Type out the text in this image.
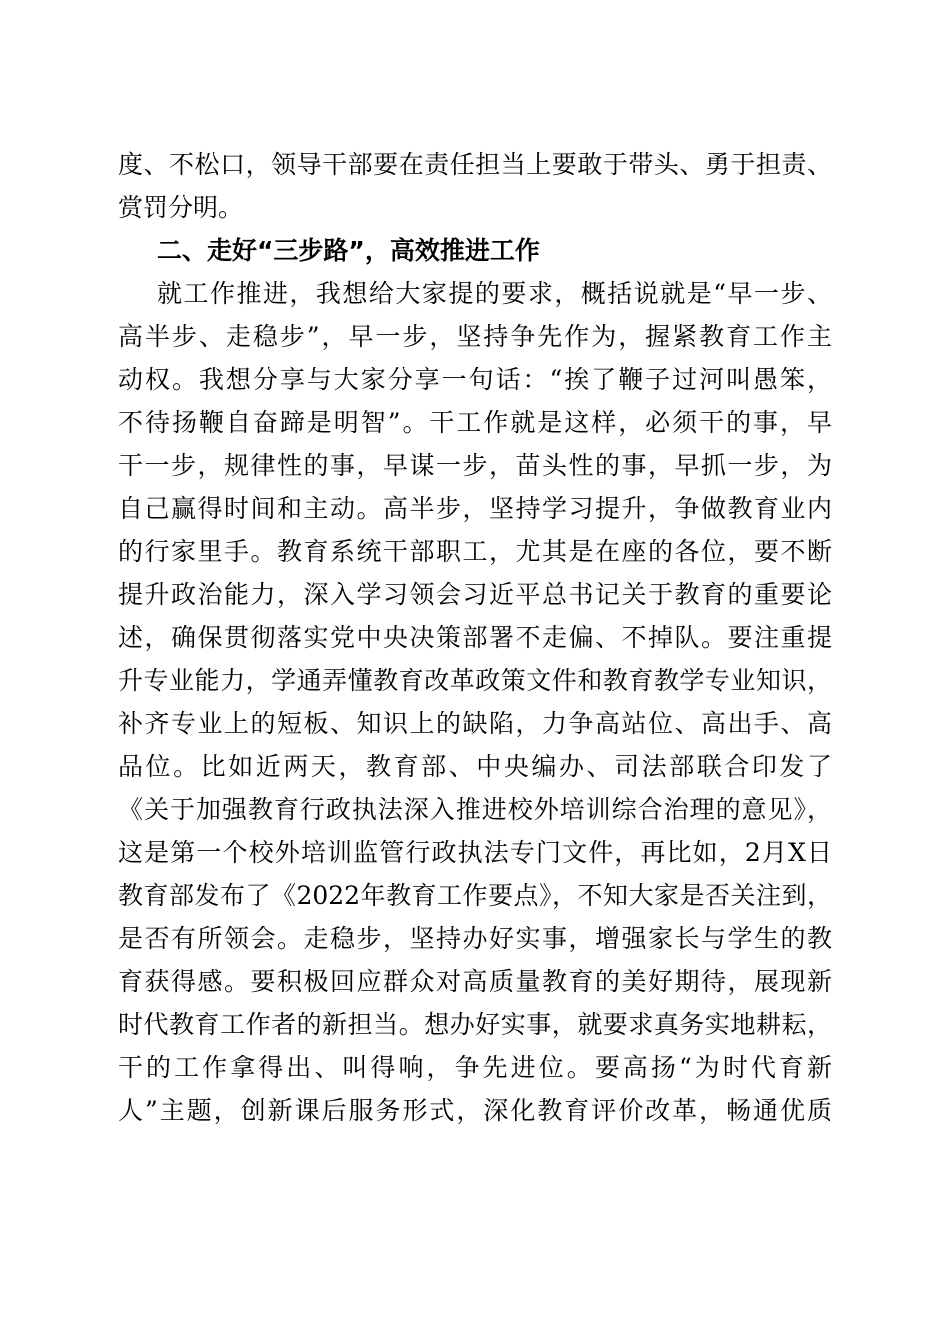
度、不松口，领导干部要在责任担当上要敢于带头、勇于担责、
赏罚分明。
二、走好“三步路”，高效推进工作
就工作推进，我想给大家提的要求，概括说就是“早一步、
高半步、走稳步”，早一步，坚持争先作为，握紧教育工作主
动权。我想分享与大家分享一句话：“挨了鞭子过河叫愚笨，
不待扬鞭自奋蹄是明智”。干工作就是这样，必须干的事，早
干一步，规律性的事，早谋一步，苗头性的事，早抓一步，为
自己赢得时间和主动。高半步，坚持学习提升，争做教育业内
的行家里手。教育系统干部职工，尤其是在座的各位，要不断
提升政治能力，深入学习领会习近平总书记关于教育的重要论
述，确保贯彻落实党中央决策部署不走偏、不掉队。要注重提
升专业能力，学通弄懂教育改革政策文件和教育教学专业知识，
补齐专业上的短板、知识上的缺陷，力争高站位、高出手、高
品位。比如近两天，教育部、中央编办、司法部联合印发了
《关于加强教育行政执法深入推进校外培训综合治理的意见》，
这是第一个校外培训监管行政执法专门文件，再比如，2月X日
教育部发布了《2022年教育工作要点》，不知大家是否关注到，
是否有所领会。走稳步，坚持办好实事，增强家长与学生的教
育获得感。要积极回应群众对高质量教育的美好期待，展现新
时代教育工作者的新担当。想办好实事，就要求真务实地耕耘，
干的工作拿得出、叫得响，争先进位。要高扬“为时代育新
人”主题，创新课后服务形式，深化教育评价改革，畅通优质
